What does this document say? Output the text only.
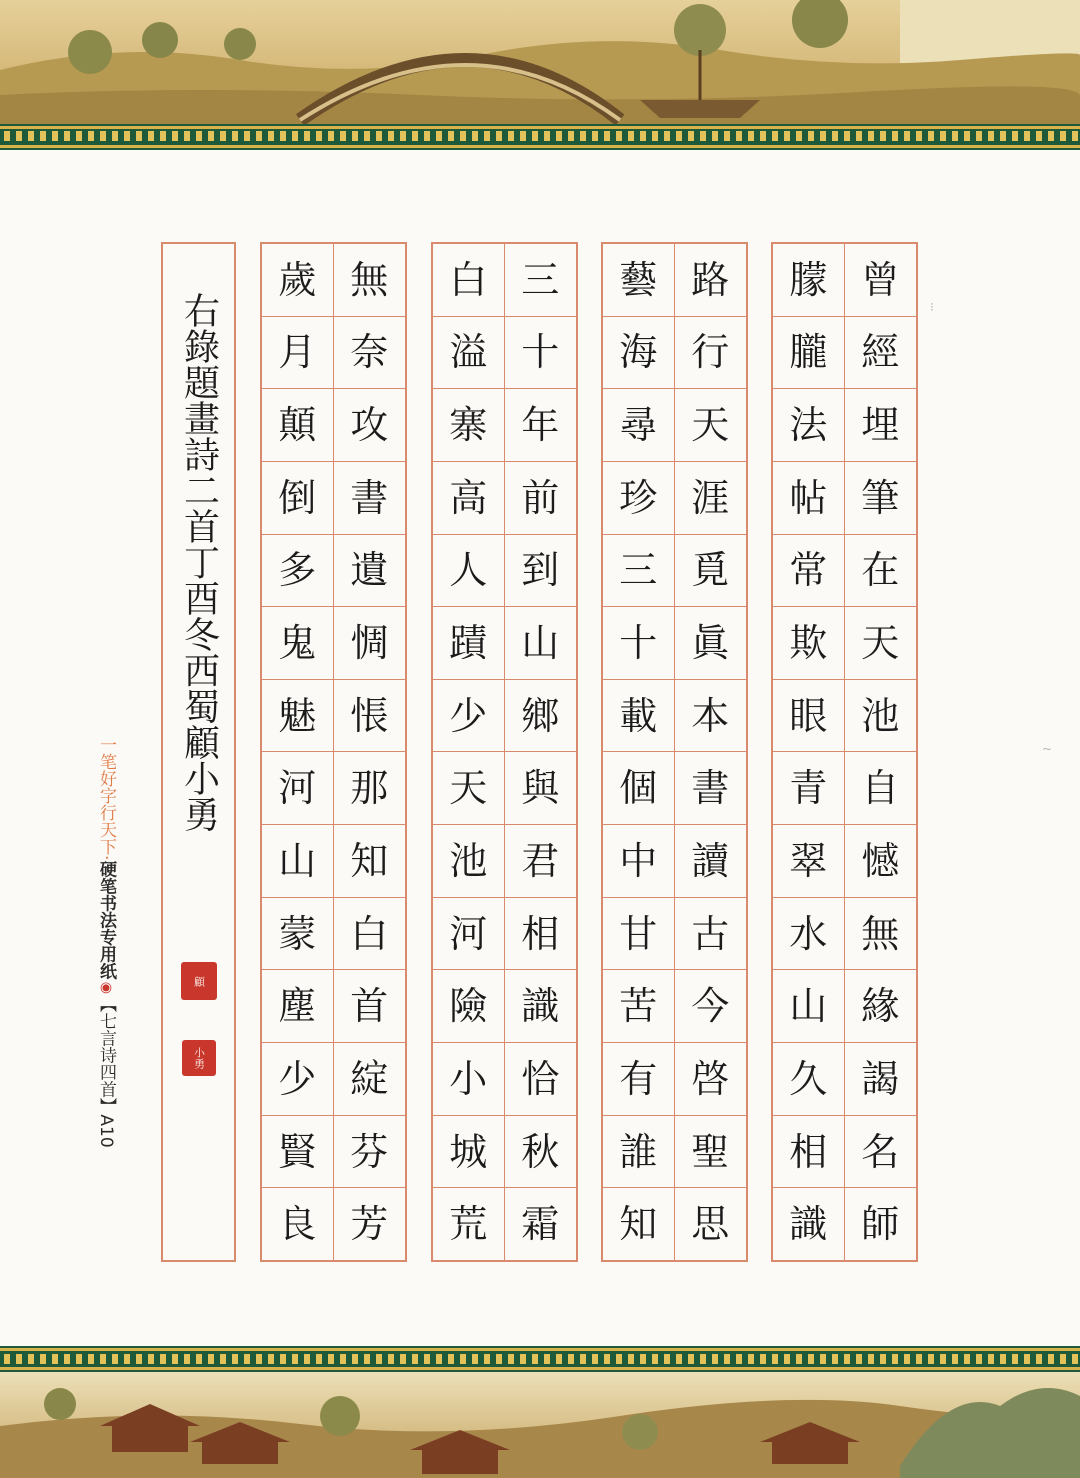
曾
經
埋
筆
在
天
池
自
憾
無
緣
謁
名
師
朦
朧
法
帖
常
欺
眼
青
翠
水
山
久
相
識
路
行
天
涯
覓
眞
本
書
讀
古
今
啓
聖
思
藝
海
尋
珍
三
十
載
個
中
甘
苦
有
誰
知
三
十
年
前
到
山
鄉
與
君
相
識
恰
秋
霜
白
溢
寨
高
人
蹟
少
天
池
河
險
小
城
荒
無
奈
攻
書
遺
惆
悵
那
知
白
首
綻
芬
芳
歲
月
顛
倒
多
鬼
魅
河
山
蒙
塵
少
賢
良
右錄題畫詩二首丁酉冬西蜀顧小勇
顧
小勇
一笔好字行天下·硬笔书法专用纸◉【七言诗四首】A10
⁝
~
